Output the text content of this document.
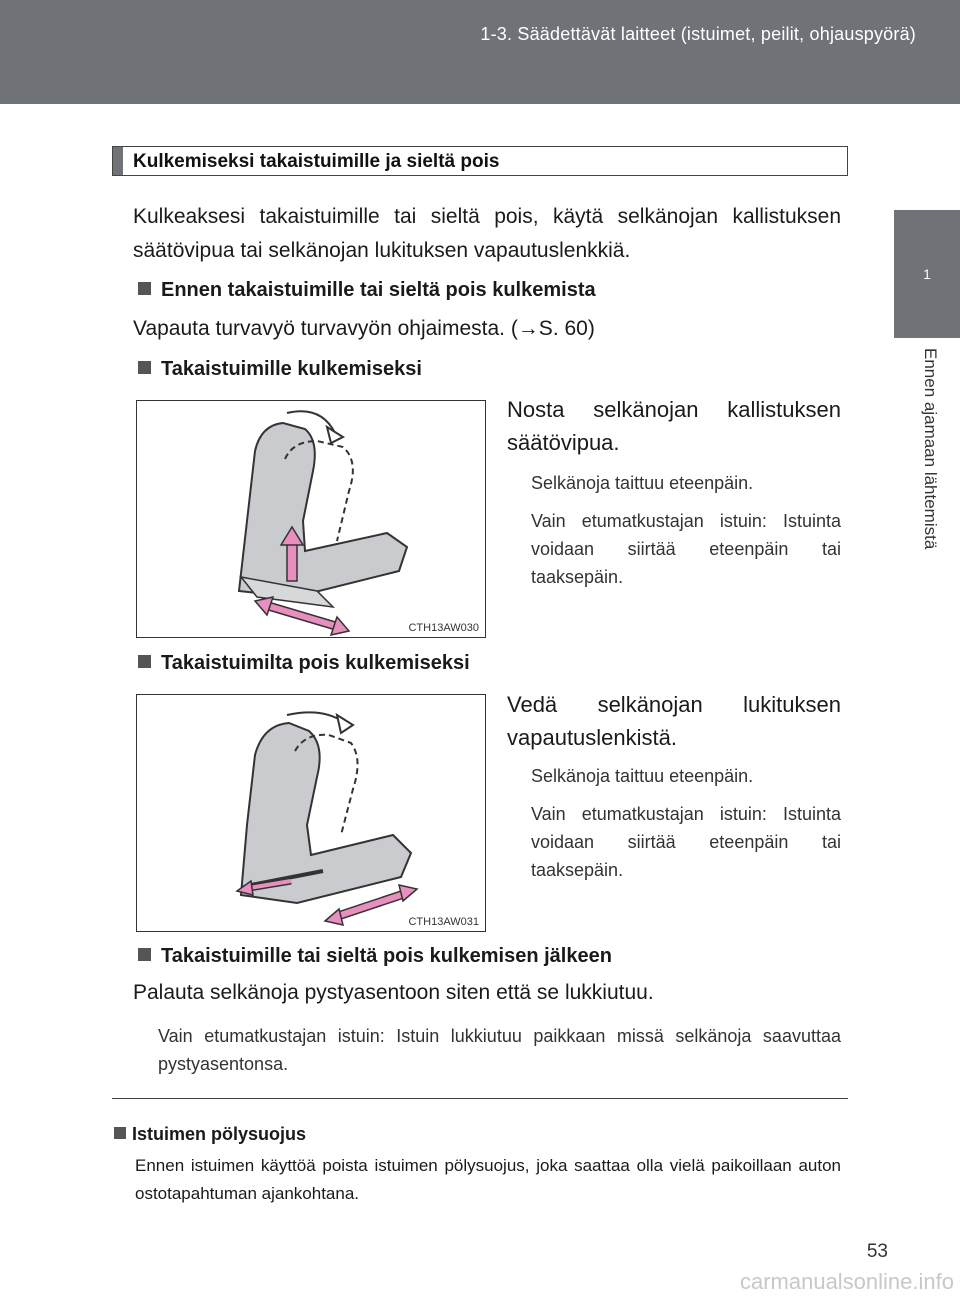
1-3. Säädettävät laitteet (istuimet, peilit, ohjauspyörä)
1
Ennen ajamaan lähtemistä
Kulkemiseksi takaistuimille ja sieltä pois
Kulkeaksesi takaistuimille tai sieltä pois, käytä selkänojan kallistuksen säätövipua tai selkänojan lukituksen vapautuslenkkiä.
Ennen takaistuimille tai sieltä pois kulkemista
Vapauta turvavyö turvavyön ohjaimesta. (→S. 60)
Takaistuimille kulkemiseksi
CTH13AW030
Nosta selkänojan kallistuksen säätövipua.
Selkänoja taittuu eteenpäin.
Vain etumatkustajan istuin: Istuinta voidaan siirtää eteenpäin tai taaksepäin.
Takaistuimilta pois kulkemiseksi
CTH13AW031
Vedä selkänojan lukituksen vapautuslenkistä.
Selkänoja taittuu eteenpäin.
Vain etumatkustajan istuin: Istuinta voidaan siirtää eteenpäin tai taaksepäin.
Takaistuimille tai sieltä pois kulkemisen jälkeen
Palauta selkänoja pystyasentoon siten että se lukkiutuu.
Vain etumatkustajan istuin: Istuin lukkiutuu paikkaan missä selkänoja saavuttaa pystyasentonsa.
Istuimen pölysuojus
Ennen istuimen käyttöä poista istuimen pölysuojus, joka saattaa olla vielä paikoillaan auton ostotapahtuman ajankohtana.
53
carmanualsonline.info
